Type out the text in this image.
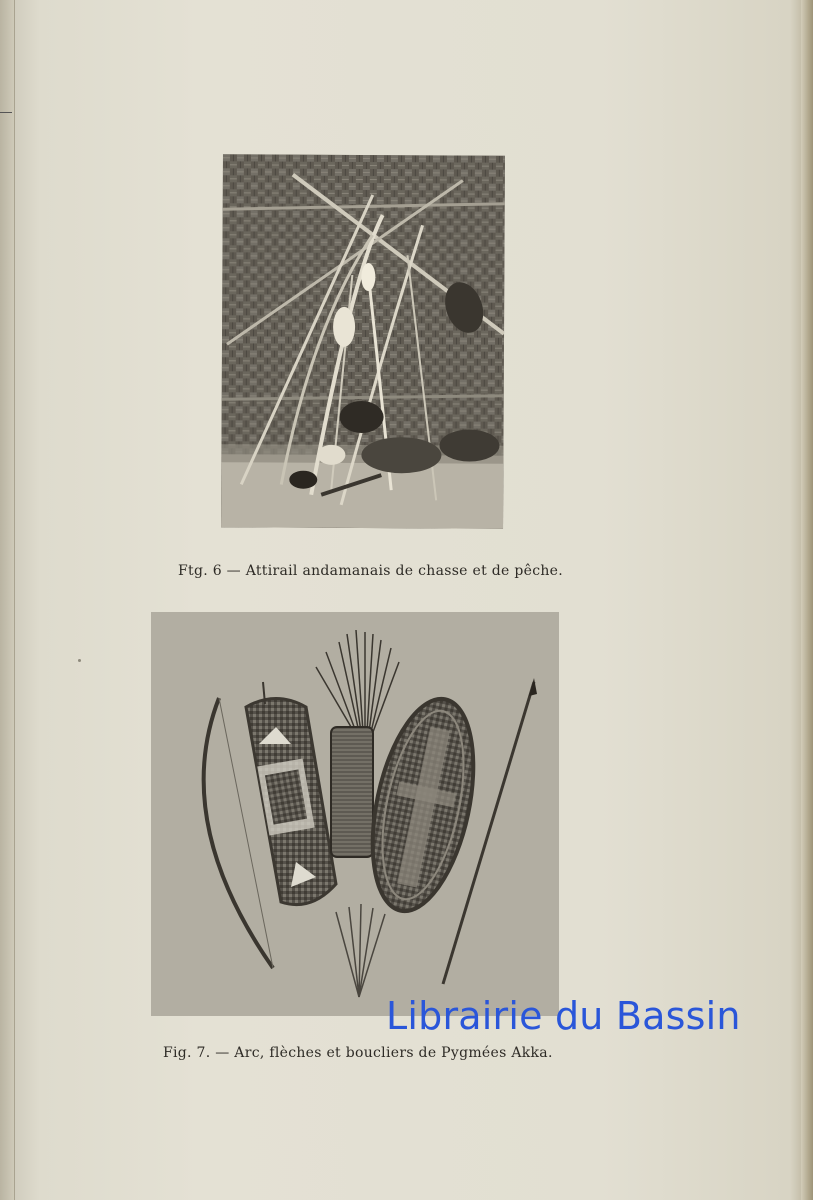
Ftg. 6 — Attirail andamanais de chasse et de pêche.
Fig. 7. — Arc, flèches et boucliers de Pygmées Akka.
Librairie du Bassin
